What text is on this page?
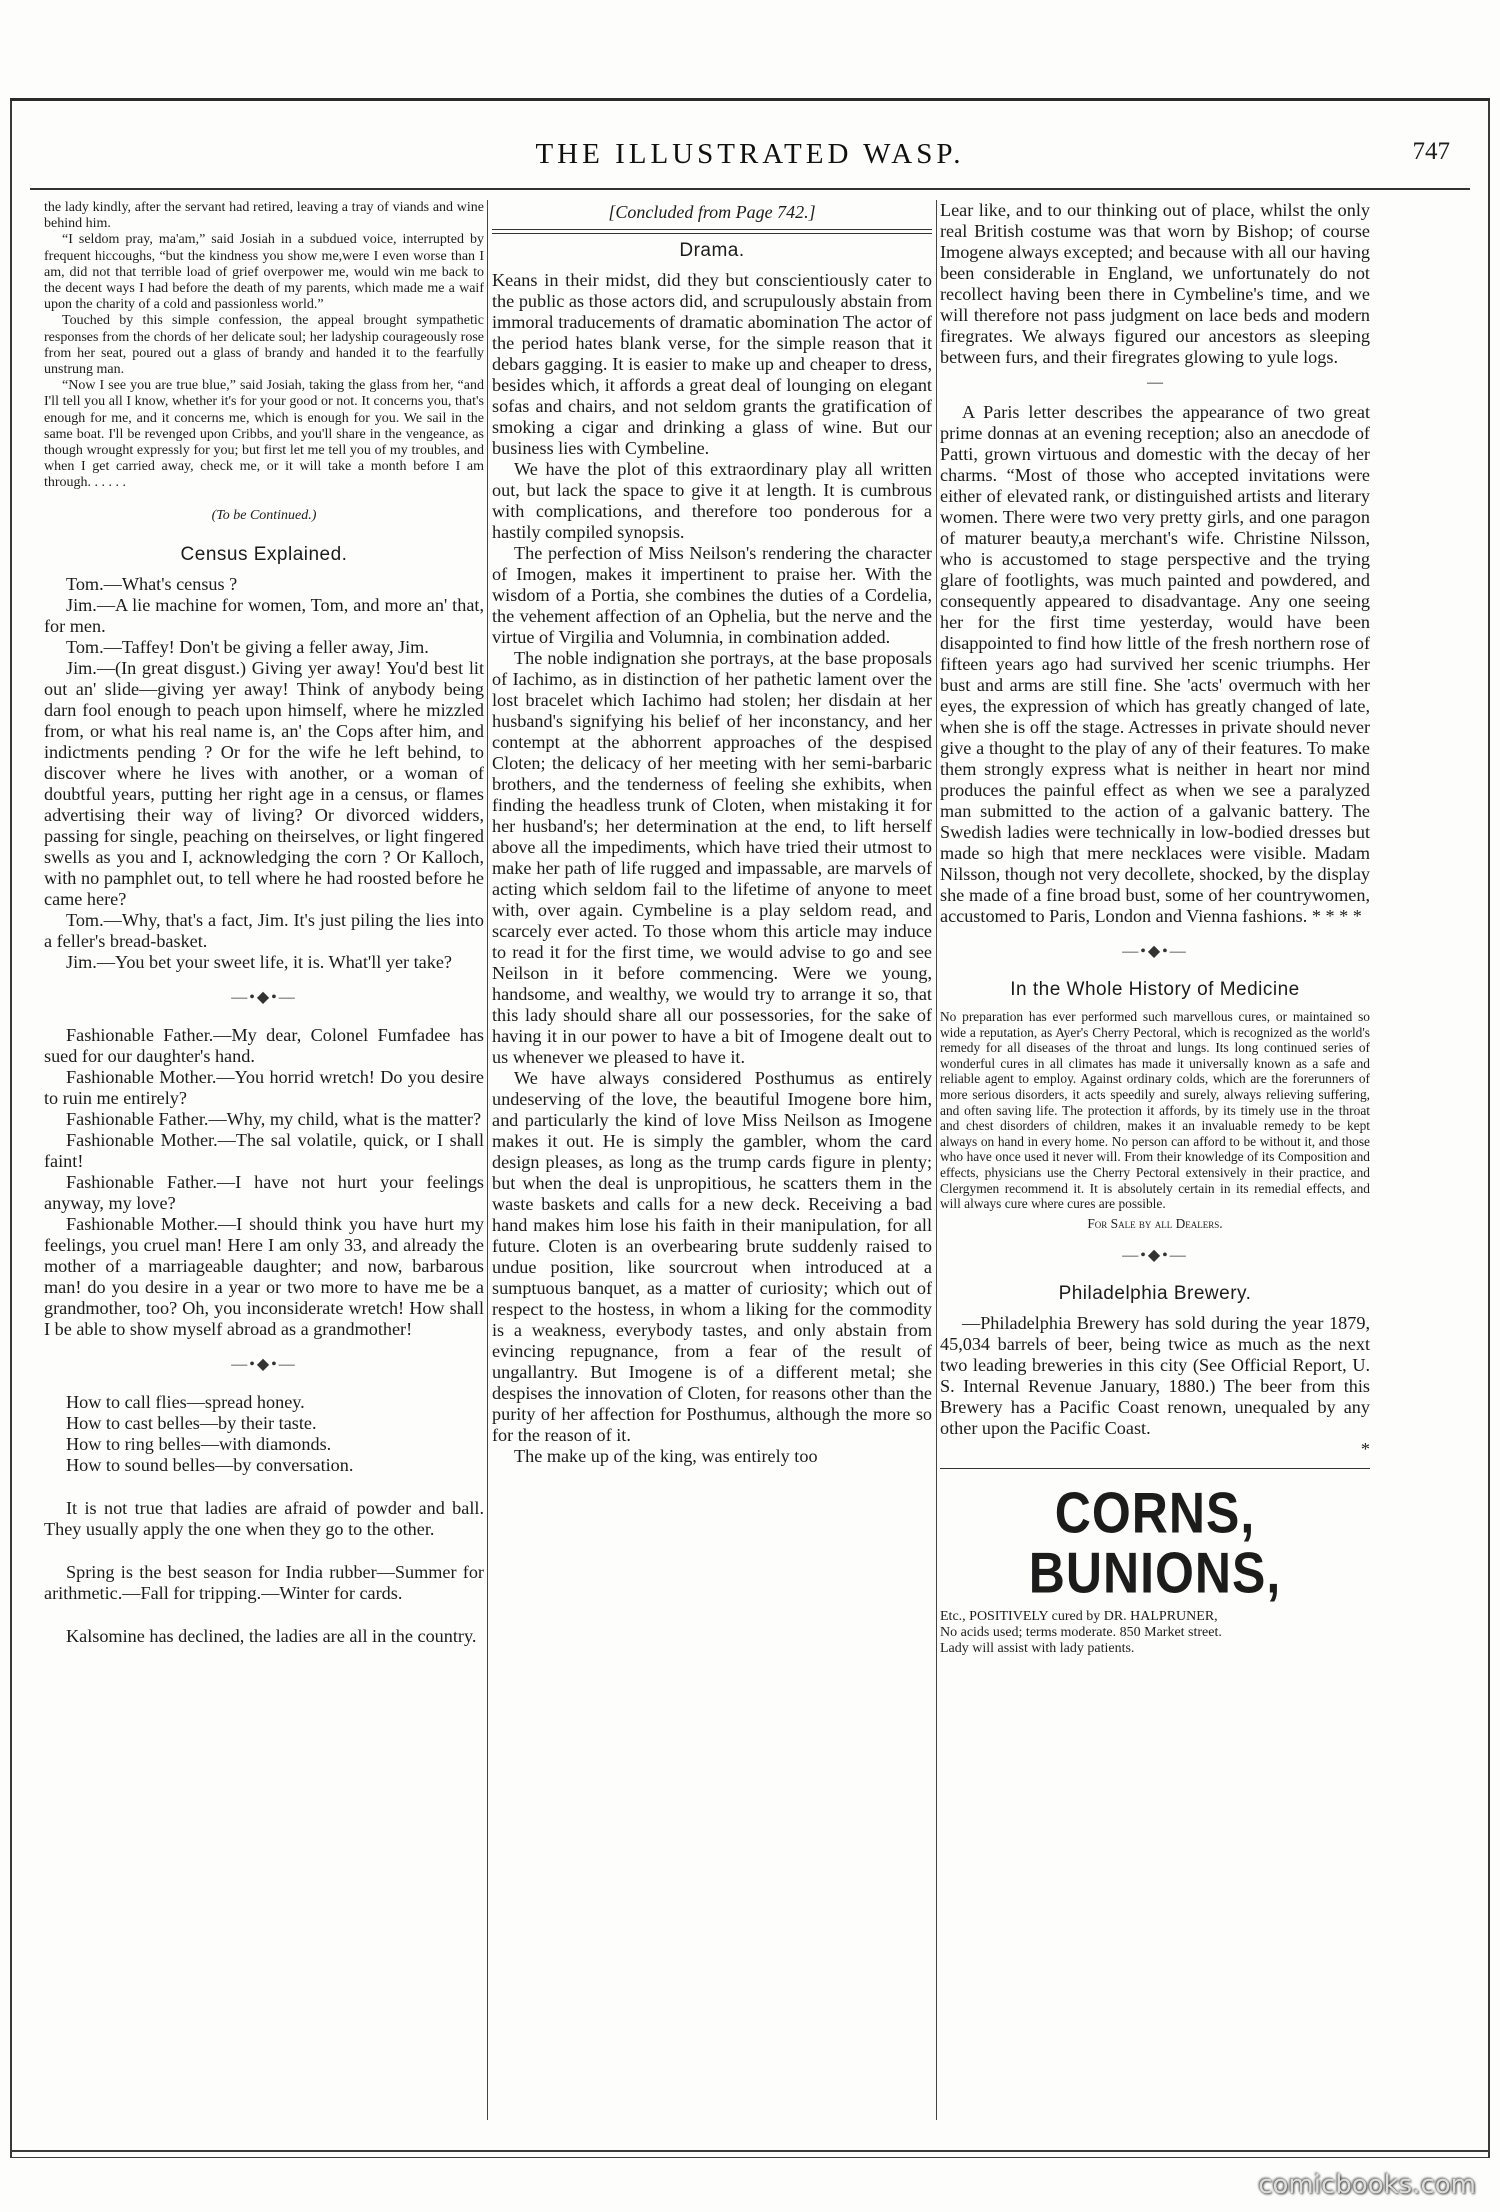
THE ILLUSTRATED WASP.	747

the lady kindly, after the servant had retired, leaving a tray of viands and wine behind him.

“I seldom pray, ma'am,” said Josiah in a subdued voice, interrupted by frequent hiccoughs, “but the kindness you show me,were I even worse than I am, did not that terrible load of grief overpower me, would win me back to the decent ways I had before the death of my parents, which made me a waif upon the charity of a cold and passionless world.”

Touched by this simple confession, the appeal brought sympathetic responses from the chords of her delicate soul; her ladyship courageously rose from her seat, poured out a glass of brandy and handed it to the fearfully unstrung man.

“Now I see you are true blue,” said Josiah, taking the glass from her, “and I'll tell you all I know, whether it's for your good or not. It concerns you, that's enough for me, and it concerns me, which is enough for you. We sail in the same boat. I'll be revenged upon Cribbs, and you'll share in the vengeance, as though wrought expressly for you; but first let me tell you of my troubles, and when I get carried away, check me, or it will take a month before I am through. . . . . .

(To be Continued.)
Census Explained.

Tom.—What's census ?

Jim.—A lie machine for women, Tom, and more an' that, for men.

Tom.—Taffey! Don't be giving a feller away, Jim.

Jim.—(In great disgust.) Giving yer away! You'd best lit out an' slide—giving yer away! Think of anybody being darn fool enough to peach upon himself, where he mizzled from, or what his real name is, an' the Cops after him, and indictments pending ? Or for the wife he left behind, to discover where he lives with another, or a woman of doubtful years, putting her right age in a census, or flames advertising their way of living? Or divorced widders, passing for single, peaching on theirselves, or light fingered swells as you and I, acknowledging the corn ? Or Kalloch, with no pamphlet out, to tell where he had roosted before he came here?

Tom.—Why, that's a fact, Jim. It's just piling the lies into a feller's bread-basket.

Jim.—You bet your sweet life, it is. What'll yer take?

—•◆•—

Fashionable Father.—My dear, Colonel Fumfadee has sued for our daughter's hand.

Fashionable Mother.—You horrid wretch! Do you desire to ruin me entirely?

Fashionable Father.—Why, my child, what is the matter?

Fashionable Mother.—The sal volatile, quick, or I shall faint!

Fashionable Father.—I have not hurt your feelings anyway, my love?

Fashionable Mother.—I should think you have hurt my feelings, you cruel man! Here I am only 33, and already the mother of a marriageable daughter; and now, barbarous man! do you desire in a year or two more to have me be a grandmother, too? Oh, you inconsiderate wretch! How shall I be able to show myself abroad as a grandmother!

—•◆•—

How to call flies—spread honey.

How to cast belles—by their taste.

How to ring belles—with diamonds.

How to sound belles—by conversation.

It is not true that ladies are afraid of powder and ball. They usually apply the one when they go to the other.

Spring is the best season for India rubber—Summer for arithmetic.—Fall for tripping.—Winter for cards.

Kalsomine has declined, the ladies are all in the country.

[Concluded from Page 742.]
Drama.

Keans in their midst, did they but conscientiously cater to the public as those actors did, and scrupulously abstain from immoral traducements of dramatic abomination The actor of the period hates blank verse, for the simple reason that it debars gagging. It is easier to make up and cheaper to dress, besides which, it affords a great deal of lounging on elegant sofas and chairs, and not seldom grants the gratification of smoking a cigar and drinking a glass of wine. But our business lies with Cymbeline.

We have the plot of this extraordinary play all written out, but lack the space to give it at length. It is cumbrous with complications, and therefore too ponderous for a hastily compiled synopsis.

The perfection of Miss Neilson's rendering the character of Imogen, makes it impertinent to praise her. With the wisdom of a Portia, she combines the duties of a Cordelia, the vehement affection of an Ophelia, but the nerve and the virtue of Virgilia and Volumnia, in combination added.

The noble indignation she portrays, at the base proposals of Iachimo, as in distinction of her pathetic lament over the lost bracelet which Iachimo had stolen; her disdain at her husband's signifying his belief of her inconstancy, and her contempt at the abhorrent approaches of the despised Cloten; the delicacy of her meeting with her semi-barbaric brothers, and the tenderness of feeling she exhibits, when finding the headless trunk of Cloten, when mistaking it for her husband's; her determination at the end, to lift herself above all the impediments, which have tried their utmost to make her path of life rugged and impassable, are marvels of acting which seldom fail to the lifetime of anyone to meet with, over again. Cymbeline is a play seldom read, and scarcely ever acted. To those whom this article may induce to read it for the first time, we would advise to go and see Neilson in it before commencing. Were we young, handsome, and wealthy, we would try to arrange it so, that this lady should share all our possessories, for the sake of having it in our power to have a bit of Imogene dealt out to us whenever we pleased to have it.

We have always considered Posthumus as entirely undeserving of the love, the beautiful Imogene bore him, and particularly the kind of love Miss Neilson as Imogene makes it out. He is simply the gambler, whom the card design pleases, as long as the trump cards figure in plenty; but when the deal is unpropitious, he scatters them in the waste baskets and calls for a new deck. Receiving a bad hand makes him lose his faith in their manipulation, for all future. Cloten is an overbearing brute suddenly raised to undue position, like sourcrout when introduced at a sumptuous banquet, as a matter of curiosity; which out of respect to the hostess, in whom a liking for the commodity is a weakness, everybody tastes, and only abstain from evincing repugnance, from a fear of the result of ungallantry. But Imogene is of a different metal; she despises the innovation of Cloten, for reasons other than the purity of her affection for Posthumus, although the more so for the reason of it.

The make up of the king, was entirely too

Lear like, and to our thinking out of place, whilst the only real British costume was that worn by Bishop; of course Imogene always excepted; and because with all our having been considerable in England, we unfortunately do not recollect having been there in Cymbeline's time, and we will therefore not pass judgment on lace beds and modern firegrates. We always figured our ancestors as sleeping between furs, and their firegrates glowing to yule logs.

—

A Paris letter describes the appearance of two great prime donnas at an evening reception; also an anecdode of Patti, grown virtuous and domestic with the decay of her charms. “Most of those who accepted invitations were either of elevated rank, or distinguished artists and literary women. There were two very pretty girls, and one paragon of maturer beauty,a merchant's wife. Christine Nilsson, who is accustomed to stage perspective and the trying glare of footlights, was much painted and powdered, and consequently appeared to disadvantage. Any one seeing her for the first time yesterday, would have been disappointed to find how little of the fresh northern rose of fifteen years ago had survived her scenic triumphs. Her bust and arms are still fine. She 'acts' overmuch with her eyes, the expression of which has greatly changed of late, when she is off the stage. Actresses in private should never give a thought to the play of any of their features. To make them strongly express what is neither in heart nor mind produces the painful effect as when we see a paralyzed man submitted to the action of a galvanic battery. The Swedish ladies were technically in low-bodied dresses but made so high that mere necklaces were visible. Madam Nilsson, though not very decollete, shocked, by the display she made of a fine broad bust, some of her countrywomen, accustomed to Paris, London and Vienna fashions. * * * *

—•◆•—
In the Whole History of Medicine

No preparation has ever performed such marvellous cures, or maintained so wide a reputation, as Ayer's Cherry Pectoral, which is recognized as the world's remedy for all diseases of the throat and lungs. Its long continued series of wonderful cures in all climates has made it universally known as a safe and reliable agent to employ. Against ordinary colds, which are the forerunners of more serious disorders, it acts speedily and surely, always relieving suffering, and often saving life. The protection it affords, by its timely use in the throat and chest disorders of children, makes it an invaluable remedy to be kept always on hand in every home. No person can afford to be without it, and those who have once used it never will. From their knowledge of its Composition and effects, physicians use the Cherry Pectoral extensively in their practice, and Clergymen recommend it. It is absolutely certain in its remedial effects, and will always cure where cures are possible.

For Sale by all Dealers.

—•◆•—
Philadelphia Brewery.

—Philadelphia Brewery has sold during the year 1879, 45,034 barrels of beer, being twice as much as the next two leading breweries in this city (See Official Report, U. S. Internal Revenue January, 1880.) The beer from this Brewery has a Pacific Coast renown, unequaled by any other upon the Pacific Coast.

*

CORNS, BUNIONS,

Etc., POSITIVELY cured by DR. HALPRUNER,

No acids used; terms moderate. 850 Market street.

Lady will assist with lady patients.

comicbooks.com
